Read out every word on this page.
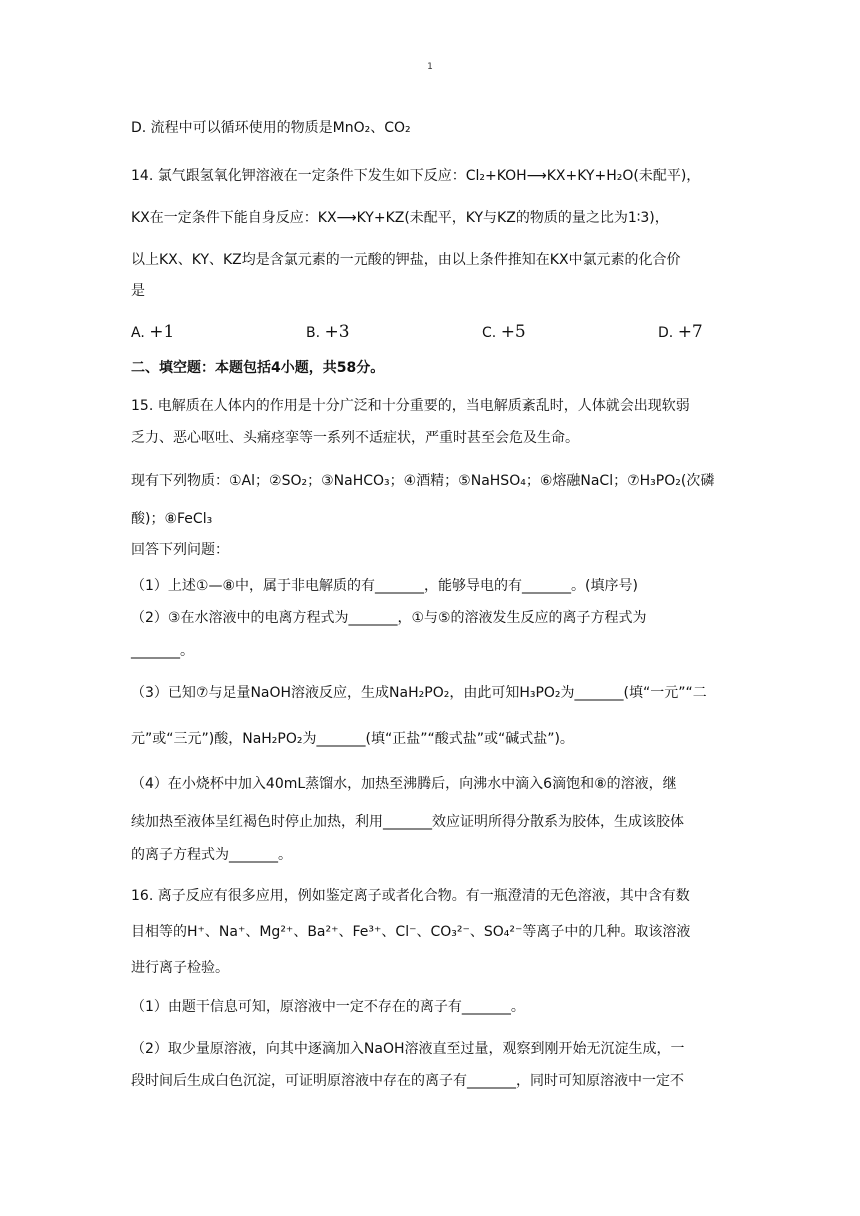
1
D. 流程中可以循环使用的物质是MnO₂、CO₂
14. 氯气跟氢氧化钾溶液在一定条件下发生如下反应：Cl₂+KOH⟶KX+KY+H₂O(未配平)，
KX在一定条件下能自身反应：KX⟶KY+KZ(未配平，KY与KZ的物质的量之比为1∶3)，
以上KX、KY、KZ均是含氯元素的一元酸的钾盐，由以上条件推知在KX中氯元素的化合价
是
A. +1	B. +3	C. +5	D. +7
二、填空题：本题包括4小题，共58分。
15. 电解质在人体内的作用是十分广泛和十分重要的，当电解质紊乱时，人体就会出现软弱
乏力、恶心呕吐、头痛痉挛等一系列不适症状，严重时甚至会危及生命。
现有下列物质：①Al；②SO₂；③NaHCO₃；④酒精；⑤NaHSO₄；⑥熔融NaCl；⑦H₃PO₂(次磷
酸)；⑧FeCl₃
回答下列问题：
（1）上述①—⑧中，属于非电解质的有_______，能够导电的有_______。(填序号)
（2）③在水溶液中的电离方程式为_______，①与⑤的溶液发生反应的离子方程式为
_______。
（3）已知⑦与足量NaOH溶液反应，生成NaH₂PO₂，由此可知H₃PO₂为_______(填“一元”“二
元”或“三元”)酸，NaH₂PO₂为_______(填“正盐”“酸式盐”或“碱式盐”)。
（4）在小烧杯中加入40mL蒸馏水，加热至沸腾后，向沸水中滴入6滴饱和⑧的溶液，继
续加热至液体呈红褐色时停止加热，利用_______效应证明所得分散系为胶体，生成该胶体
的离子方程式为_______。
16. 离子反应有很多应用，例如鉴定离子或者化合物。有一瓶澄清的无色溶液，其中含有数
目相等的H⁺、Na⁺、Mg²⁺、Ba²⁺、Fe³⁺、Cl⁻、CO₃²⁻、SO₄²⁻等离子中的几种。取该溶液
进行离子检验。
（1）由题干信息可知，原溶液中一定不存在的离子有_______。
（2）取少量原溶液，向其中逐滴加入NaOH溶液直至过量，观察到刚开始无沉淀生成，一
段时间后生成白色沉淀，可证明原溶液中存在的离子有_______，同时可知原溶液中一定不
